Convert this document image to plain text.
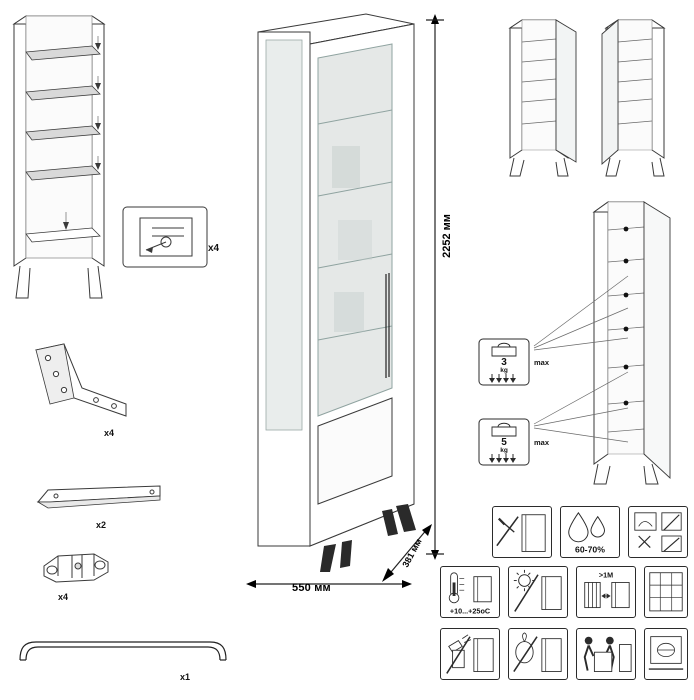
2252 мм
550 мм
381 мм
x4
x4
x2
x4
x1
3
kg
max
5
kg
max
60-70%
+10...+25оC
>1М
